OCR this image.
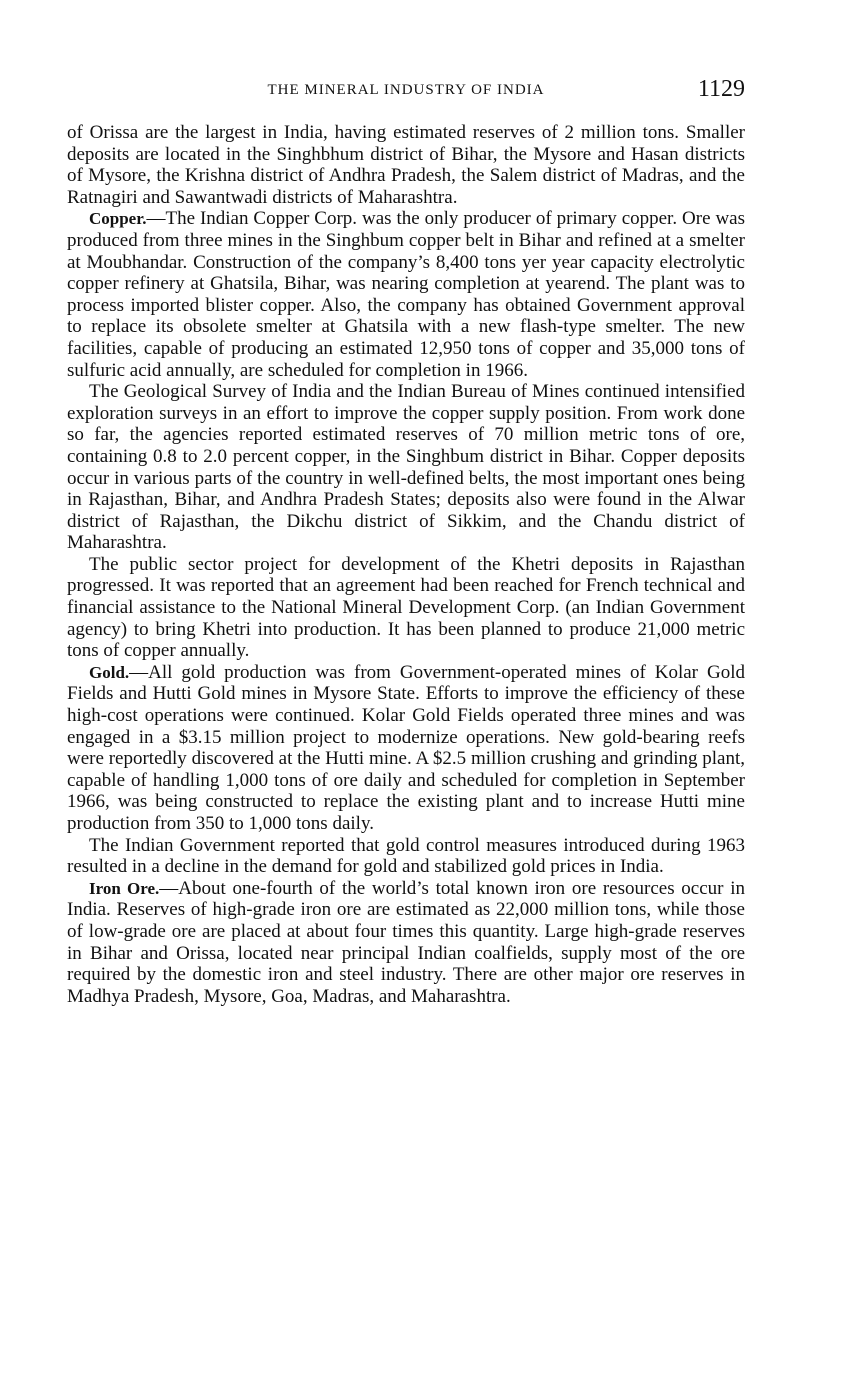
THE MINERAL INDUSTRY OF INDIA	1129

of Orissa are the largest in India, having estimated reserves of 2 million tons. Smaller deposits are located in the Singhbhum district of Bihar, the Mysore and Hasan districts of Mysore, the Krishna district of Andhra Pradesh, the Salem district of Madras, and the Ratnagiri and Sawantwadi districts of Maharashtra.

Copper.—The Indian Copper Corp. was the only producer of primary copper. Ore was produced from three mines in the Singhbum copper belt in Bihar and refined at a smelter at Moubhandar. Construction of the company’s 8,400 tons yer year capacity electrolytic copper refinery at Ghatsila, Bihar, was nearing completion at yearend. The plant was to process imported blister copper. Also, the company has obtained Government approval to replace its obsolete smelter at Ghatsila with a new flash-type smelter. The new facilities, capable of producing an estimated 12,950 tons of copper and 35,000 tons of sulfuric acid annually, are scheduled for completion in 1966.

The Geological Survey of India and the Indian Bureau of Mines continued intensified exploration surveys in an effort to improve the copper supply position. From work done so far, the agencies reported estimated reserves of 70 million metric tons of ore, containing 0.8 to 2.0 percent copper, in the Singhbum district in Bihar. Copper deposits occur in various parts of the country in well-defined belts, the most important ones being in Rajasthan, Bihar, and Andhra Pradesh States; deposits also were found in the Alwar district of Rajasthan, the Dikchu district of Sikkim, and the Chandu district of Maharashtra.

The public sector project for development of the Khetri deposits in Rajasthan progressed. It was reported that an agreement had been reached for French technical and financial assistance to the National Mineral Development Corp. (an Indian Government agency) to bring Khetri into production. It has been planned to produce 21,000 metric tons of copper annually.

Gold.—All gold production was from Government-operated mines of Kolar Gold Fields and Hutti Gold mines in Mysore State. Efforts to improve the efficiency of these high-cost operations were continued. Kolar Gold Fields operated three mines and was engaged in a $3.15 million project to modernize operations. New gold-bearing reefs were reportedly discovered at the Hutti mine. A $2.5 million crushing and grinding plant, capable of handling 1,000 tons of ore daily and scheduled for completion in September 1966, was being constructed to replace the existing plant and to increase Hutti mine production from 350 to 1,000 tons daily.

The Indian Government reported that gold control measures introduced during 1963 resulted in a decline in the demand for gold and stabilized gold prices in India.

Iron Ore.—About one-fourth of the world’s total known iron ore resources occur in India. Reserves of high-grade iron ore are estimated as 22,000 million tons, while those of low-grade ore are placed at about four times this quantity. Large high-grade reserves in Bihar and Orissa, located near principal Indian coalfields, supply most of the ore required by the domestic iron and steel industry. There are other major ore reserves in Madhya Pradesh, Mysore, Goa, Madras, and Maharashtra.
